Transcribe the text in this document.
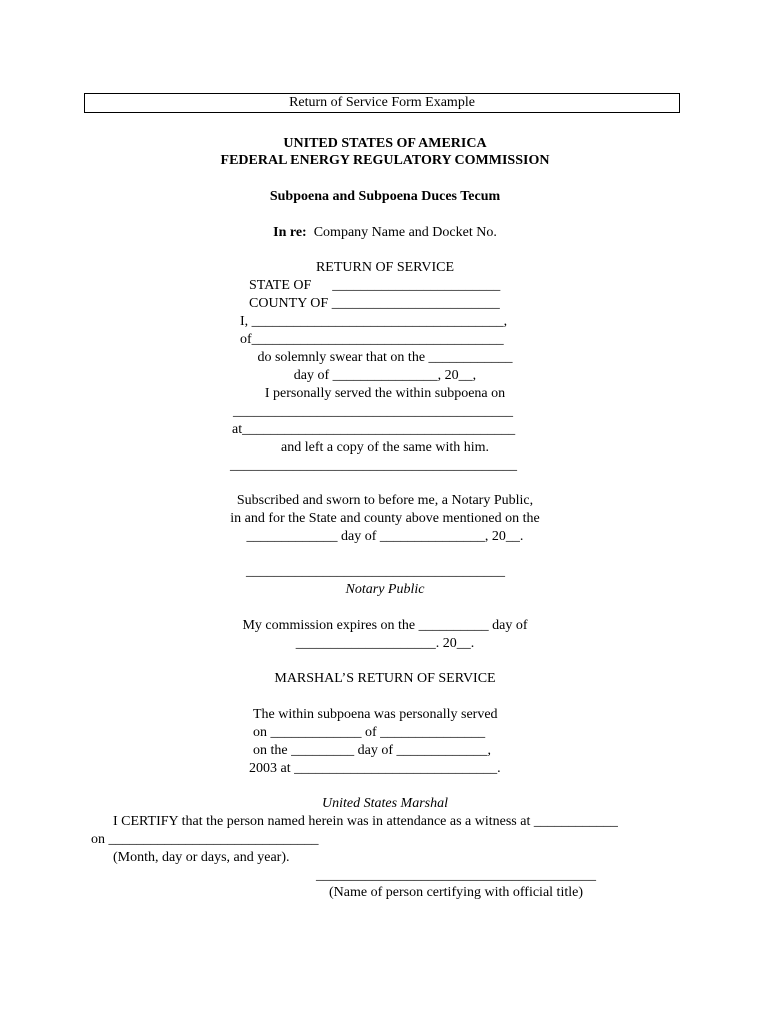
Return of Service Form Example
UNITED STATES OF AMERICA
FEDERAL ENERGY REGULATORY COMMISSION
Subpoena and Subpoena Duces Tecum
In re: Company Name and Docket No.
RETURN OF SERVICE
STATE OF      ________________________
COUNTY OF ________________________
I, ____________________________________,
of____________________________________
do solemnly swear that on the ____________
day of _______________, 20__,
I personally served the within subpoena on
________________________________________
at_______________________________________
and left a copy of the same with him.
_________________________________________
Subscribed and sworn to before me, a Notary Public,
in and for the State and county above mentioned on the
_____________ day of _______________, 20__.
_____________________________________
Notary Public
My commission expires on the __________ day of
____________________. 20__.
MARSHAL’S RETURN OF SERVICE
The within subpoena was personally served
on _____________ of _______________
on the _________ day of _____________,
2003 at _____________________________.
United States Marshal
I CERTIFY that the person named herein was in attendance as a witness at ____________
on ______________________________
(Month, day or days, and year).
________________________________________
(Name of person certifying with official title)
